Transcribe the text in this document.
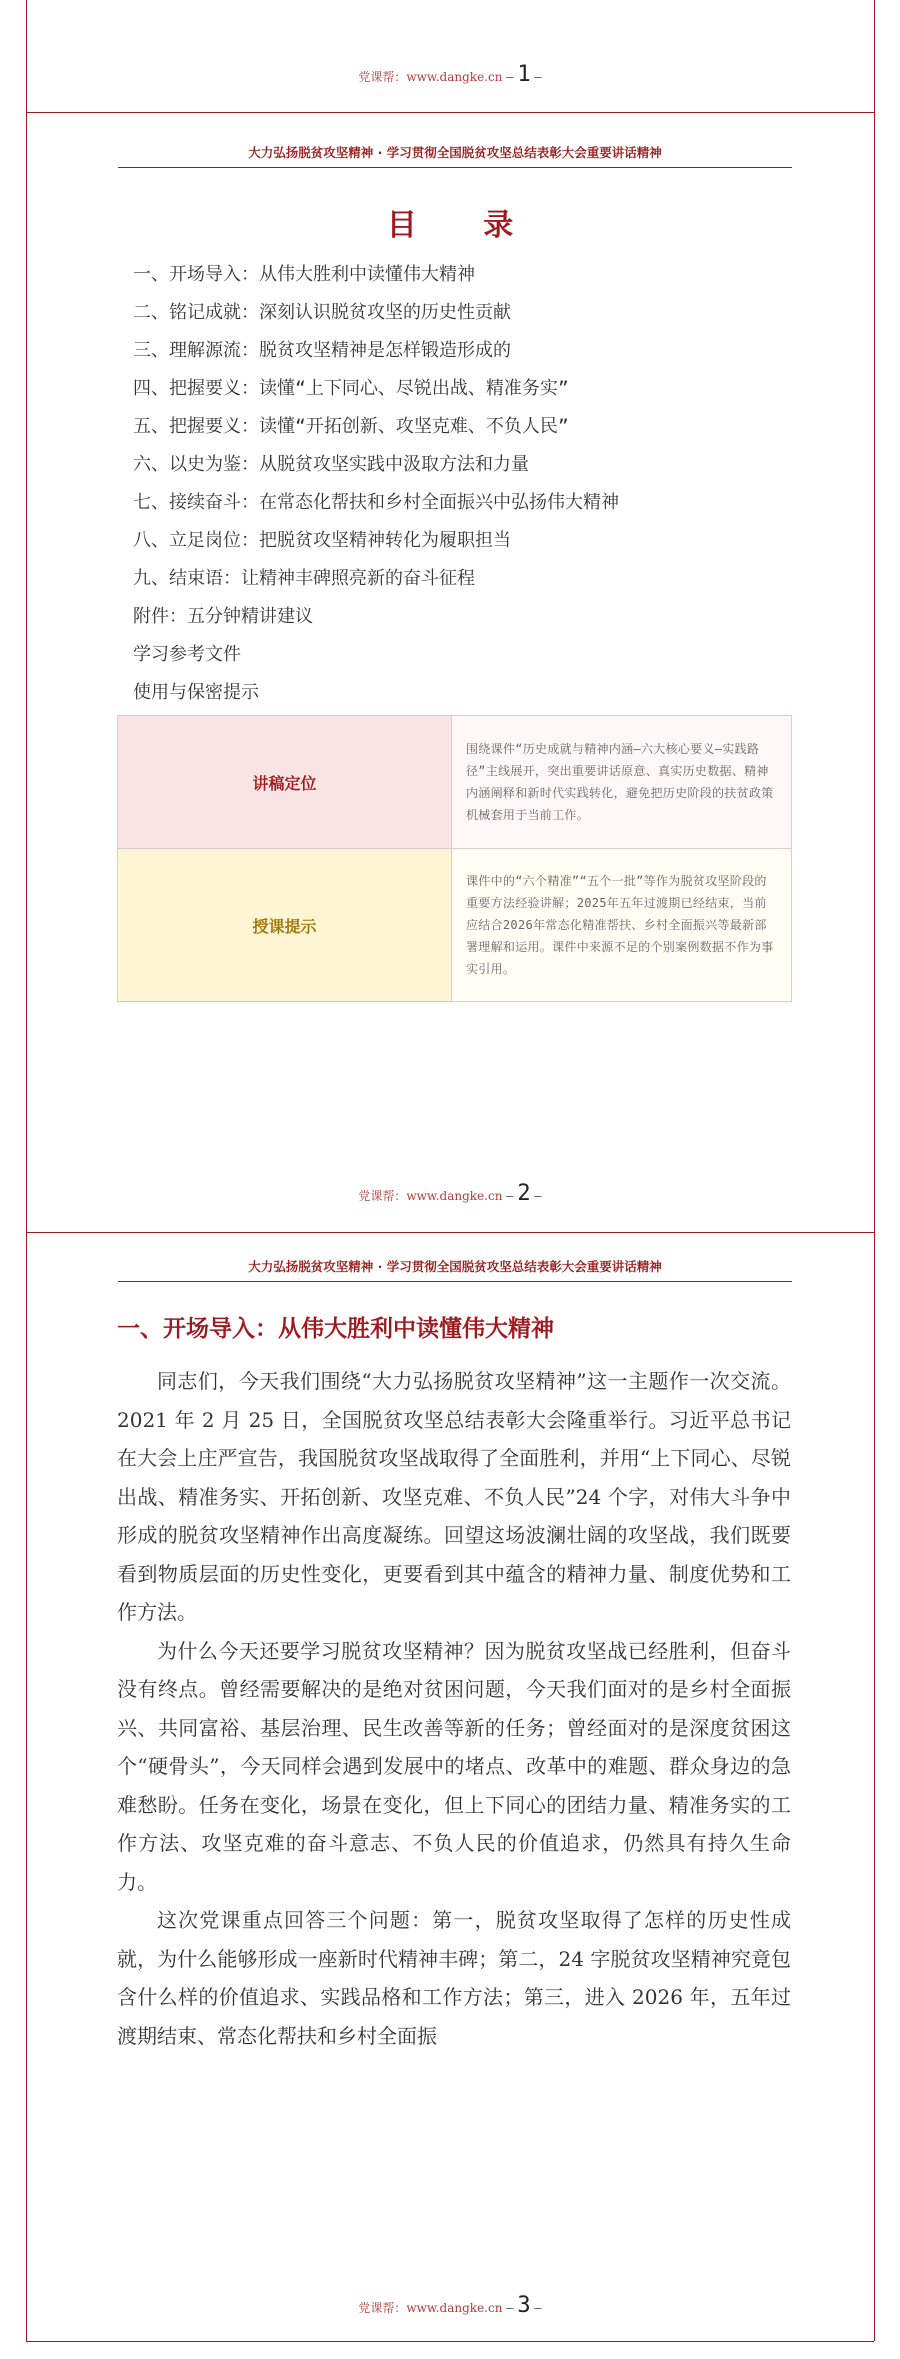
党课帮：www.dangke.cn — 1 —
大力弘扬脱贫攻坚精神 · 学习贯彻全国脱贫攻坚总结表彰大会重要讲话精神
目 录
一、开场导入：从伟大胜利中读懂伟大精神
二、铭记成就：深刻认识脱贫攻坚的历史性贡献
三、理解源流：脱贫攻坚精神是怎样锻造形成的
四、把握要义：读懂“上下同心、尽锐出战、精准务实”
五、把握要义：读懂“开拓创新、攻坚克难、不负人民”
六、以史为鉴：从脱贫攻坚实践中汲取方法和力量
七、接续奋斗：在常态化帮扶和乡村全面振兴中弘扬伟大精神
八、立足岗位：把脱贫攻坚精神转化为履职担当
九、结束语：让精神丰碑照亮新的奋斗征程
附件：五分钟精讲建议
学习参考文件
使用与保密提示
讲稿定位	围绕课件“历史成就与精神内涵—六大核心要义—实践路径”主线展开，突出重要讲话原意、真实历史数据、精神内涵阐释和新时代实践转化，避免把历史阶段的扶贫政策机械套用于当前工作。
授课提示	课件中的“六个精准”“五个一批”等作为脱贫攻坚阶段的重要方法经验讲解；2025年五年过渡期已经结束，当前应结合2026年常态化精准帮扶、乡村全面振兴等最新部署理解和运用。课件中来源不足的个别案例数据不作为事实引用。
党课帮：www.dangke.cn — 2 —
大力弘扬脱贫攻坚精神 · 学习贯彻全国脱贫攻坚总结表彰大会重要讲话精神
一、开场导入：从伟大胜利中读懂伟大精神

同志们，今天我们围绕“大力弘扬脱贫攻坚精神”这一主题作一次交流。2021 年 2 月 25 日，全国脱贫攻坚总结表彰大会隆重举行。习近平总书记在大会上庄严宣告，我国脱贫攻坚战取得了全面胜利，并用“上下同心、尽锐出战、精准务实、开拓创新、攻坚克难、不负人民”24 个字，对伟大斗争中形成的脱贫攻坚精神作出高度凝练。回望这场波澜壮阔的攻坚战，我们既要看到物质层面的历史性变化，更要看到其中蕴含的精神力量、制度优势和工作方法。

为什么今天还要学习脱贫攻坚精神？因为脱贫攻坚战已经胜利，但奋斗没有终点。曾经需要解决的是绝对贫困问题，今天我们面对的是乡村全面振兴、共同富裕、基层治理、民生改善等新的任务；曾经面对的是深度贫困这个“硬骨头”，今天同样会遇到发展中的堵点、改革中的难题、群众身边的急难愁盼。任务在变化，场景在变化，但上下同心的团结力量、精准务实的工作方法、攻坚克难的奋斗意志、不负人民的价值追求，仍然具有持久生命力。

这次党课重点回答三个问题：第一，脱贫攻坚取得了怎样的历史性成就，为什么能够形成一座新时代精神丰碑；第二，24 字脱贫攻坚精神究竟包含什么样的价值追求、实践品格和工作方法；第三，进入 2026 年，五年过渡期结束、常态化帮扶和乡村全面振

党课帮：www.dangke.cn — 3 —
